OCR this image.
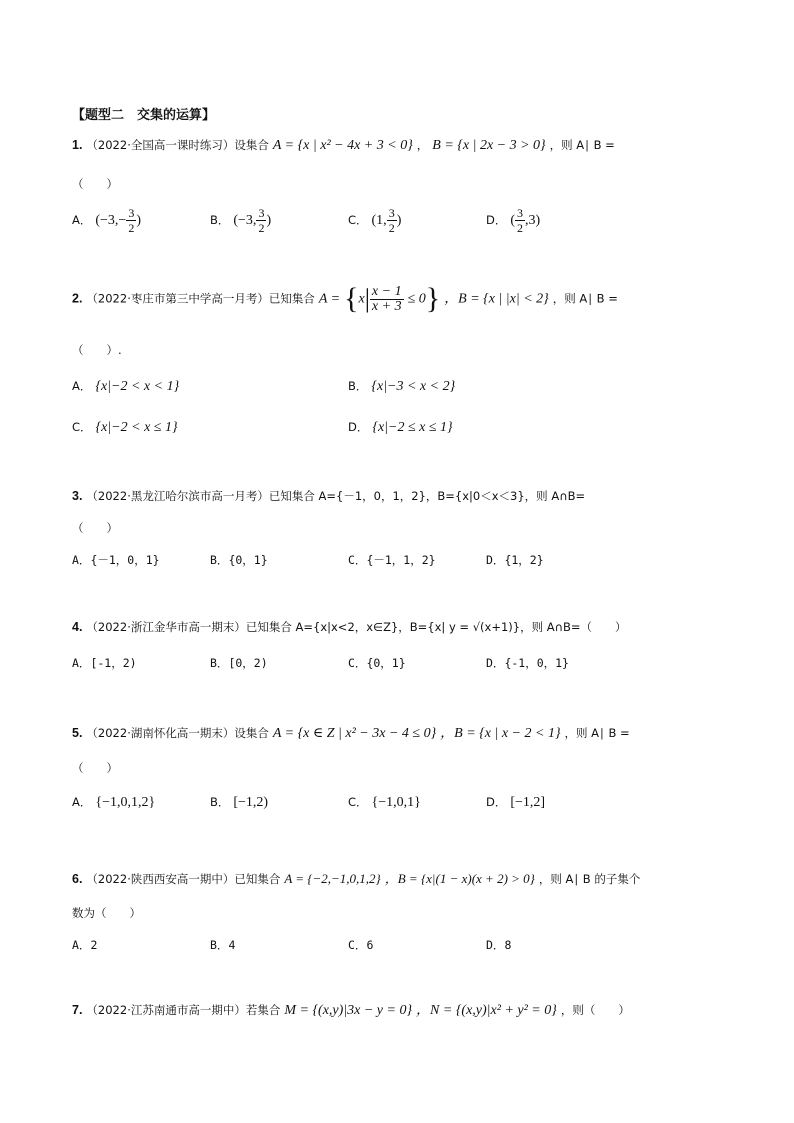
【题型二　交集的运算】
1. （2022·全国高一课时练习）设集合 A = {x | x² − 4x + 3 < 0} ， B = {x | 2x − 3 > 0} ，则 A∣ B =
（　　）
A． ($-3,- \frac{3}{2}$ )	B． (−3, $\frac{3}{2}$ )	C． (1, $\frac{3}{2}$ )	D． ( $\frac{3}{2} ,3$)
2. （2022·枣庄市第三中学高一月考）已知集合 $A = \{x| \frac{x - 1}{x + 3} \le 0\}$ ，B = {x | |x| < 2} ，则 A∣ B =
（　　）.
A． {x|−2 < x < 1}	B． {x|−3 < x < 2}
C． {x|−2 < x ≤ 1}	D． {x|−2 ≤ x ≤ 1}
3. （2022·黑龙江哈尔滨市高一月考）已知集合 A={－1，0，1，2}，B={x|0＜x＜3}，则 A∩B=
（　　）
A．{－1，0，1}	B．{0，1}	C．{－1，1，2}	D．{1，2}
4. （2022·浙江金华市高一期末）已知集合 A={x|x<2，x∈Z}，B={x| y = √(x+1)}，则 A∩B=（　　）
A．[-1，2)	B．[0，2)	C．{0，1}	D．{-1，0，1}
5. （2022·湖南怀化高一期末）设集合 A = {x ∈ Z | x² − 3x − 4 ≤ 0} ，B = {x | x − 2 < 1} ，则 A∣ B =
（　　）
A． {−1,0,1,2}	B． [−1,2)	C． {−1,0,1}	D． [−1,2]
6. （2022·陕西西安高一期中）已知集合 A = {−2,−1,0,1,2} ，B = {x|(1 − x)(x + 2) > 0} ，则 A∣ B 的子集个
数为（　　）
A．2	B．4	C．6	D．8
7. （2022·江苏南通市高一期中）若集合 M = {(x,y)|3x − y = 0} ，N = {(x,y)|x² + y² = 0} ，则（　　）
